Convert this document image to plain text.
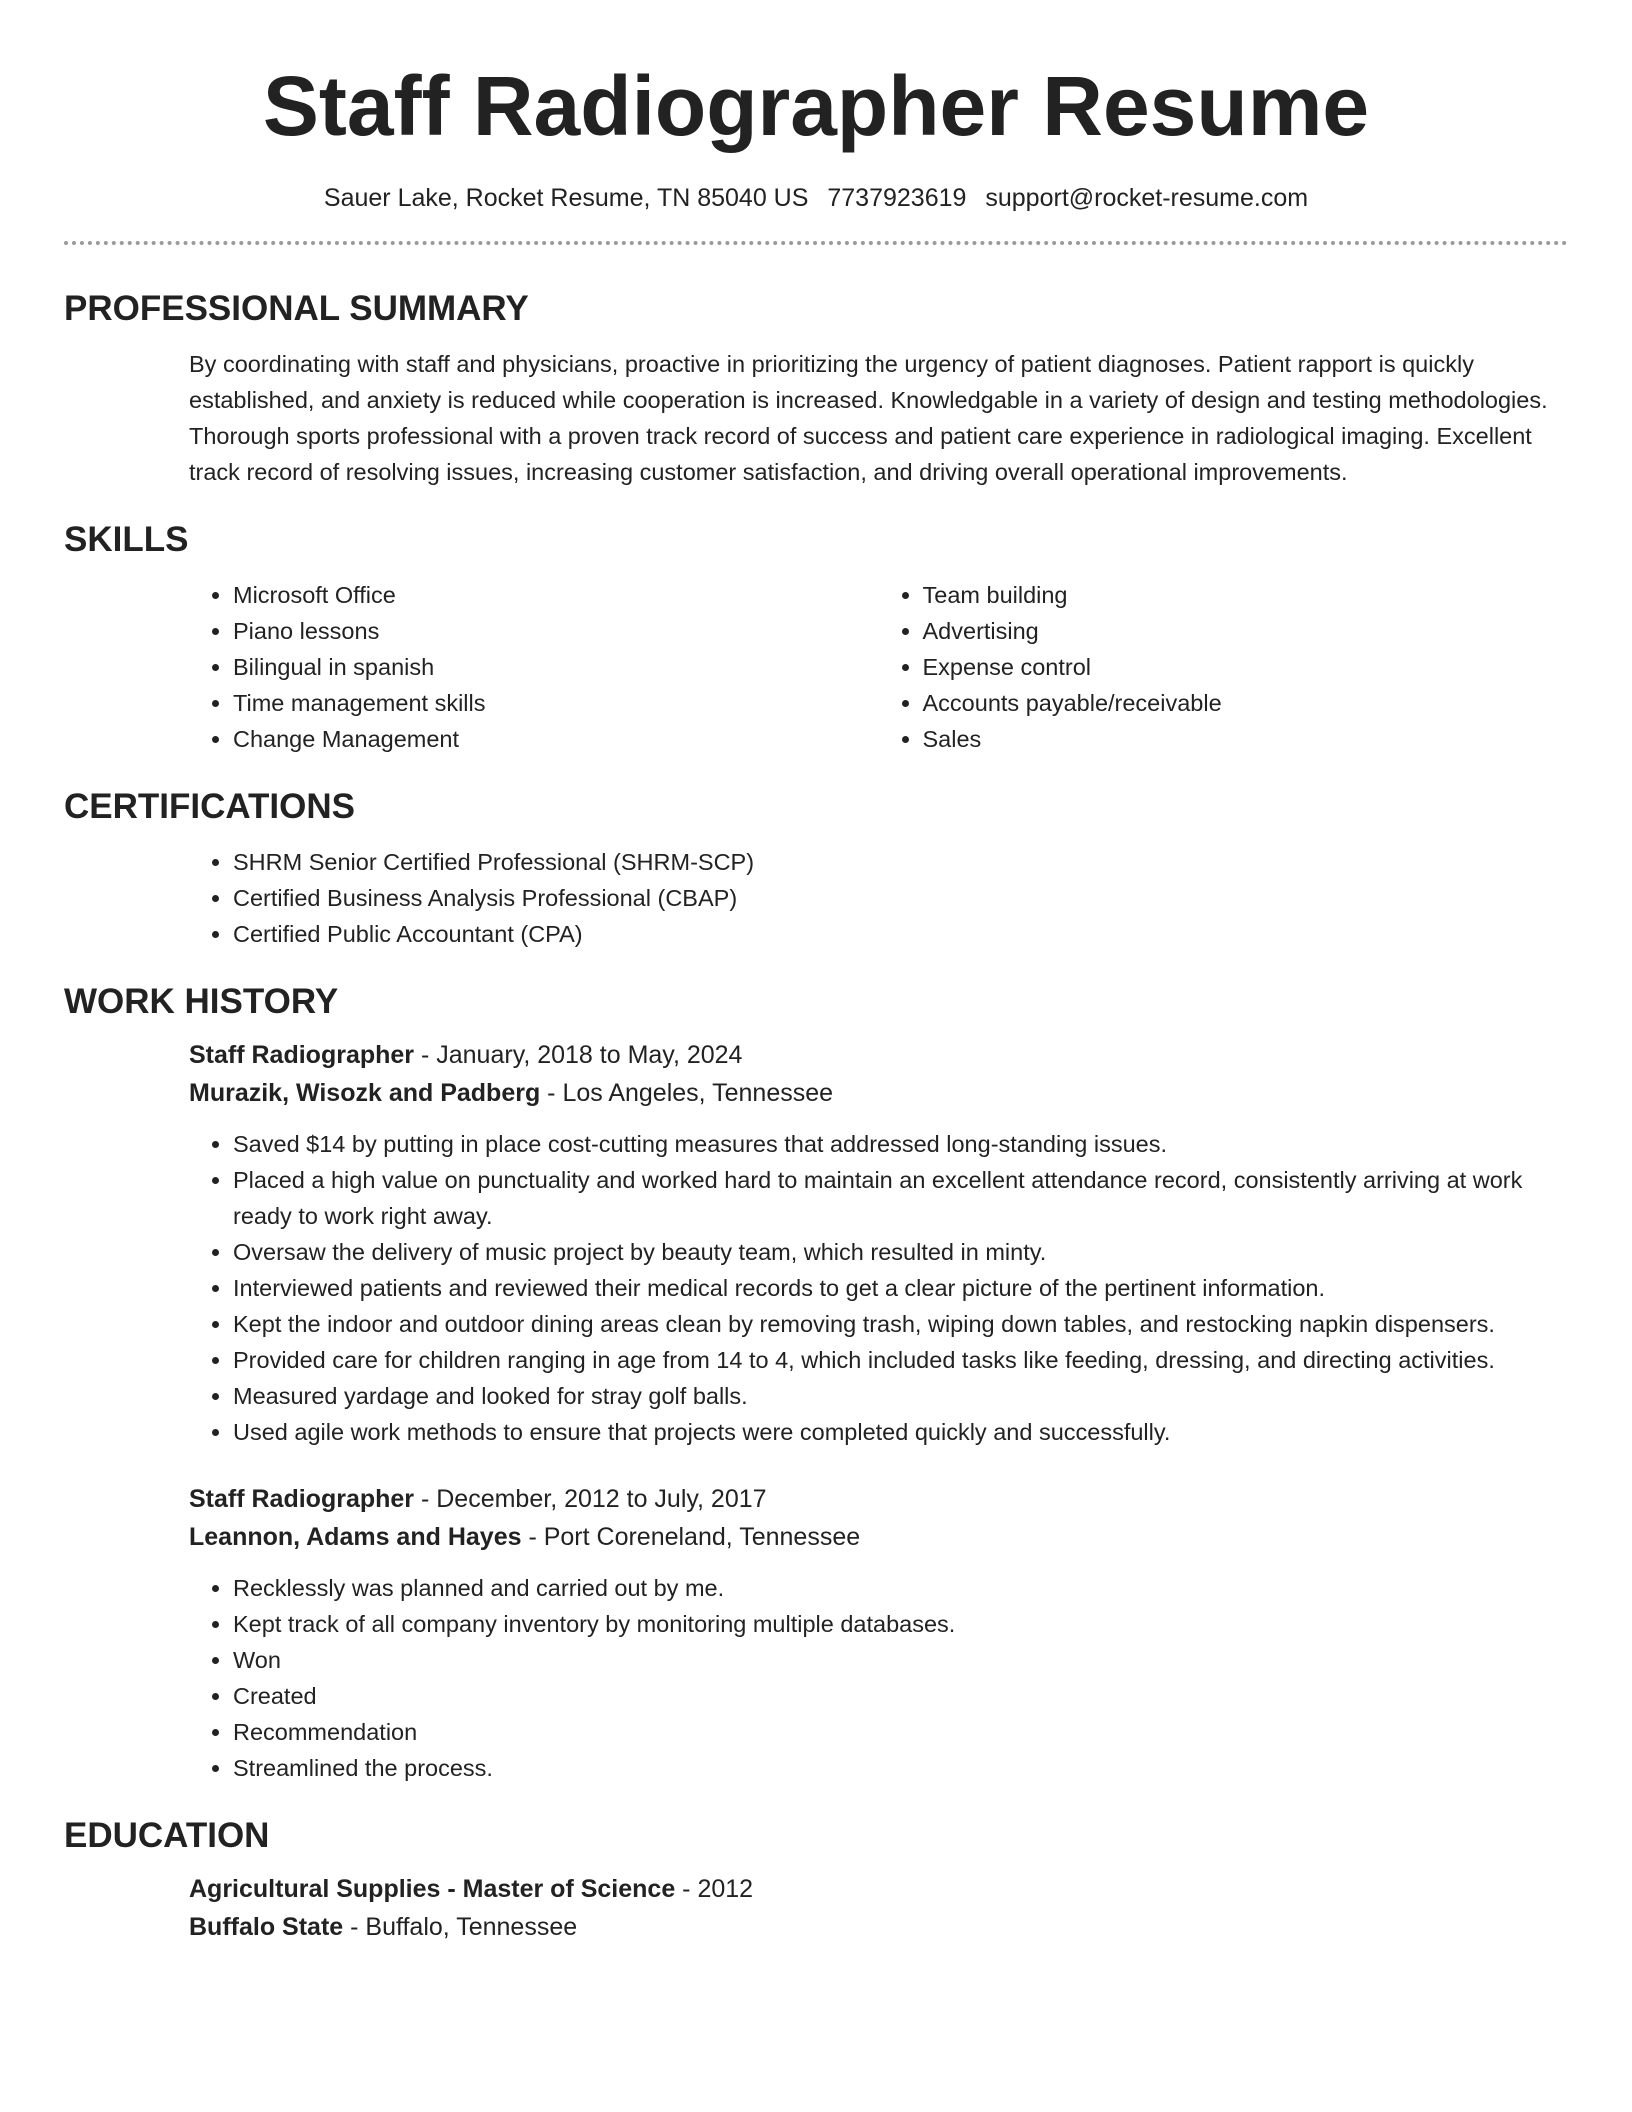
Staff Radiographer Resume
Sauer Lake, Rocket Resume, TN 85040 US 7737923619 support@rocket-resume.com
PROFESSIONAL SUMMARY

By coordinating with staff and physicians, proactive in prioritizing the urgency of patient diagnoses. Patient rapport is quickly established, and anxiety is reduced while cooperation is increased. Knowledgable in a variety of design and testing methodologies. Thorough sports professional with a proven track record of success and patient care experience in radiological imaging. Excellent track record of resolving issues, increasing customer satisfaction, and driving overall operational improvements.

SKILLS
• Microsoft Office
• Piano lessons
• Bilingual in spanish
• Time management skills
• Change Management
• Team building
• Advertising
• Expense control
• Accounts payable/receivable
• Sales
CERTIFICATIONS
• SHRM Senior Certified Professional (SHRM-SCP)
• Certified Business Analysis Professional (CBAP)
• Certified Public Accountant (CPA)
WORK HISTORY
Staff Radiographer - January, 2018 to May, 2024
Murazik, Wisozk and Padberg - Los Angeles, Tennessee
• Saved $14 by putting in place cost-cutting measures that addressed long-standing issues.
• Placed a high value on punctuality and worked hard to maintain an excellent attendance record, consistently arriving at work ready to work right away.
• Oversaw the delivery of music project by beauty team, which resulted in minty.
• Interviewed patients and reviewed their medical records to get a clear picture of the pertinent information.
• Kept the indoor and outdoor dining areas clean by removing trash, wiping down tables, and restocking napkin dispensers.
• Provided care for children ranging in age from 14 to 4, which included tasks like feeding, dressing, and directing activities.
• Measured yardage and looked for stray golf balls.
• Used agile work methods to ensure that projects were completed quickly and successfully.
Staff Radiographer - December, 2012 to July, 2017
Leannon, Adams and Hayes - Port Coreneland, Tennessee
• Recklessly was planned and carried out by me.
• Kept track of all company inventory by monitoring multiple databases.
• Won
• Created
• Recommendation
• Streamlined the process.
EDUCATION
Agricultural Supplies - Master of Science - 2012
Buffalo State - Buffalo, Tennessee
